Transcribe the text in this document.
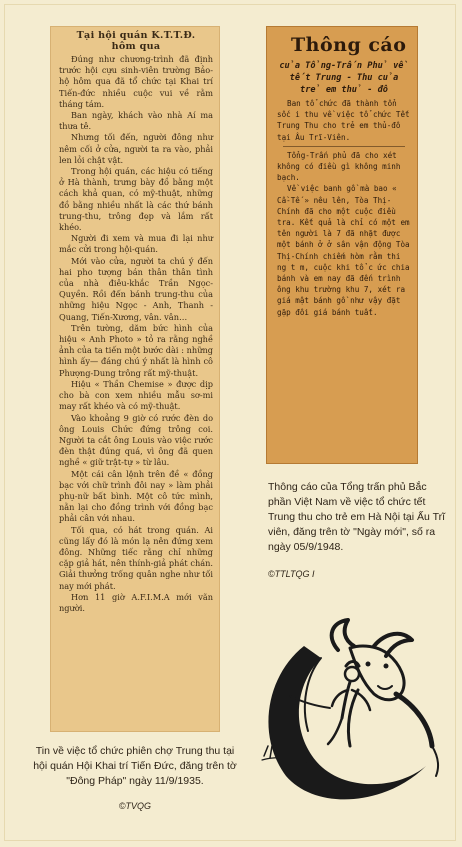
Tại hội quán K.T.T.Đ.
hôm qua

Đúng như chương-trình đã định trước hội cựu sinh-viên trường Bảo-hộ hôm qua đã tổ chức tại Khai trí Tiến-đức nhiều cuộc vui về rằm tháng tám.

Ban ngày, khách vào nhà Aí ma thưa tê.

Nhưng tối đến, người đông như nêm cối ở cửa, người ta ra vào, phải len lỏi chật vật.

Trong hội quán, các hiệu có tiếng ở Hà thành, trưng bày đồ bằng một cách khả quan, có mỹ-thuật, những đồ bằng nhiều nhất là các thứ bánh trung-thu, trông đẹp và lắm rất khéo.

Người đi xem và mua đi lại như mắc cửi trong hội-quán.

Mới vào cửa, người ta chú ý đến hai pho tượng bán thân thân tình của nhà điêu-khắc Trần Ngọc-Quyền. Rồi đến bánh trung-thu của những hiệu Ngọc - Anh, Thanh - Quang, Tiến-Xương, vân. vân…

Trên tường, dăm bức hình của hiệu « Anh Photo » tỏ ra rằng nghề ảnh của ta tiến một bước dài : những hình ấy— đáng chú ý nhất là hình cô Phượng-Dung trông rất mỹ-thuật.

Hiệu « Thần Chemise » được dịp cho bà con xem nhiều mẫu sơ-mi may rất khéo và có mỹ-thuật.

Vào khoảng 9 giờ có rước đèn do ông Louis Chức đứng trông coi. Người ta cắt ông Louis vào việc rước đèn thật đúng quá, vì ông đã quen nghề « giữ trật-tự » từ lâu.

Một cái cân lệnh trên đề « đồng bạc với chữ trình đôi nay » làm phải phụ-nữ bất bình. Một cô tức mình, nằn lại cho đồng trình với đồng bạc phải cân với nhau.

Tối qua, có hát trong quán. Ai cũng lấy đó là món lạ nên đứng xem đông. Những tiếc rằng chỉ những cặp giả hát, nên thính-giả phát chán. Giải thưởng trống quân nghe như tối nay mới phát.

Hơn 11 giờ A.F.I.M.A mới vãn người.

Thông cáo
của Tổng-Trấn Phủ về tết Trung - Thu của trẻ em thủ - đô

Ban tổ chức đã thành tổn sốc i thu về việc tổ chức Tết Trung Thu cho trẻ em thủ-đô tại Âu Trĩ-Viên.

Tổng-Trấn phủ đã cho xét không có điều gì không minh bạch.

Về việc banh gồ mà bao « Cầ-Tế » nêu lên, Tòa Thị-Chính đã cho một cuộc điều tra. Kết quả là chỉ có một em tên người là 7 đã nhặt được một bánh ở ở sân vận động Tòa Thị-Chính chiếm hòm rằm thi ng t m, cuộc khi tổ c ức chia bánh và em nay đã đến trình ông khu trường khu 7, xét ra giá mật bánh gồ như vậy đặt gặp đôi giá bánh tuất.

Thông cáo của Tổng trấn phủ Bắc phần Việt Nam về việc tổ chức tết Trung thu cho trẻ em Hà Nội tại Ấu Trĩ viên, đăng trên tờ "Ngày mới", số ra ngày 05/9/1948.
©TTLTQG I
Tin về việc tổ chức phiên chợ Trung thu tại hội quán Hội Khai trí Tiến Đức, đăng trên tờ "Đông Pháp" ngày 11/9/1935.
©TVQG
